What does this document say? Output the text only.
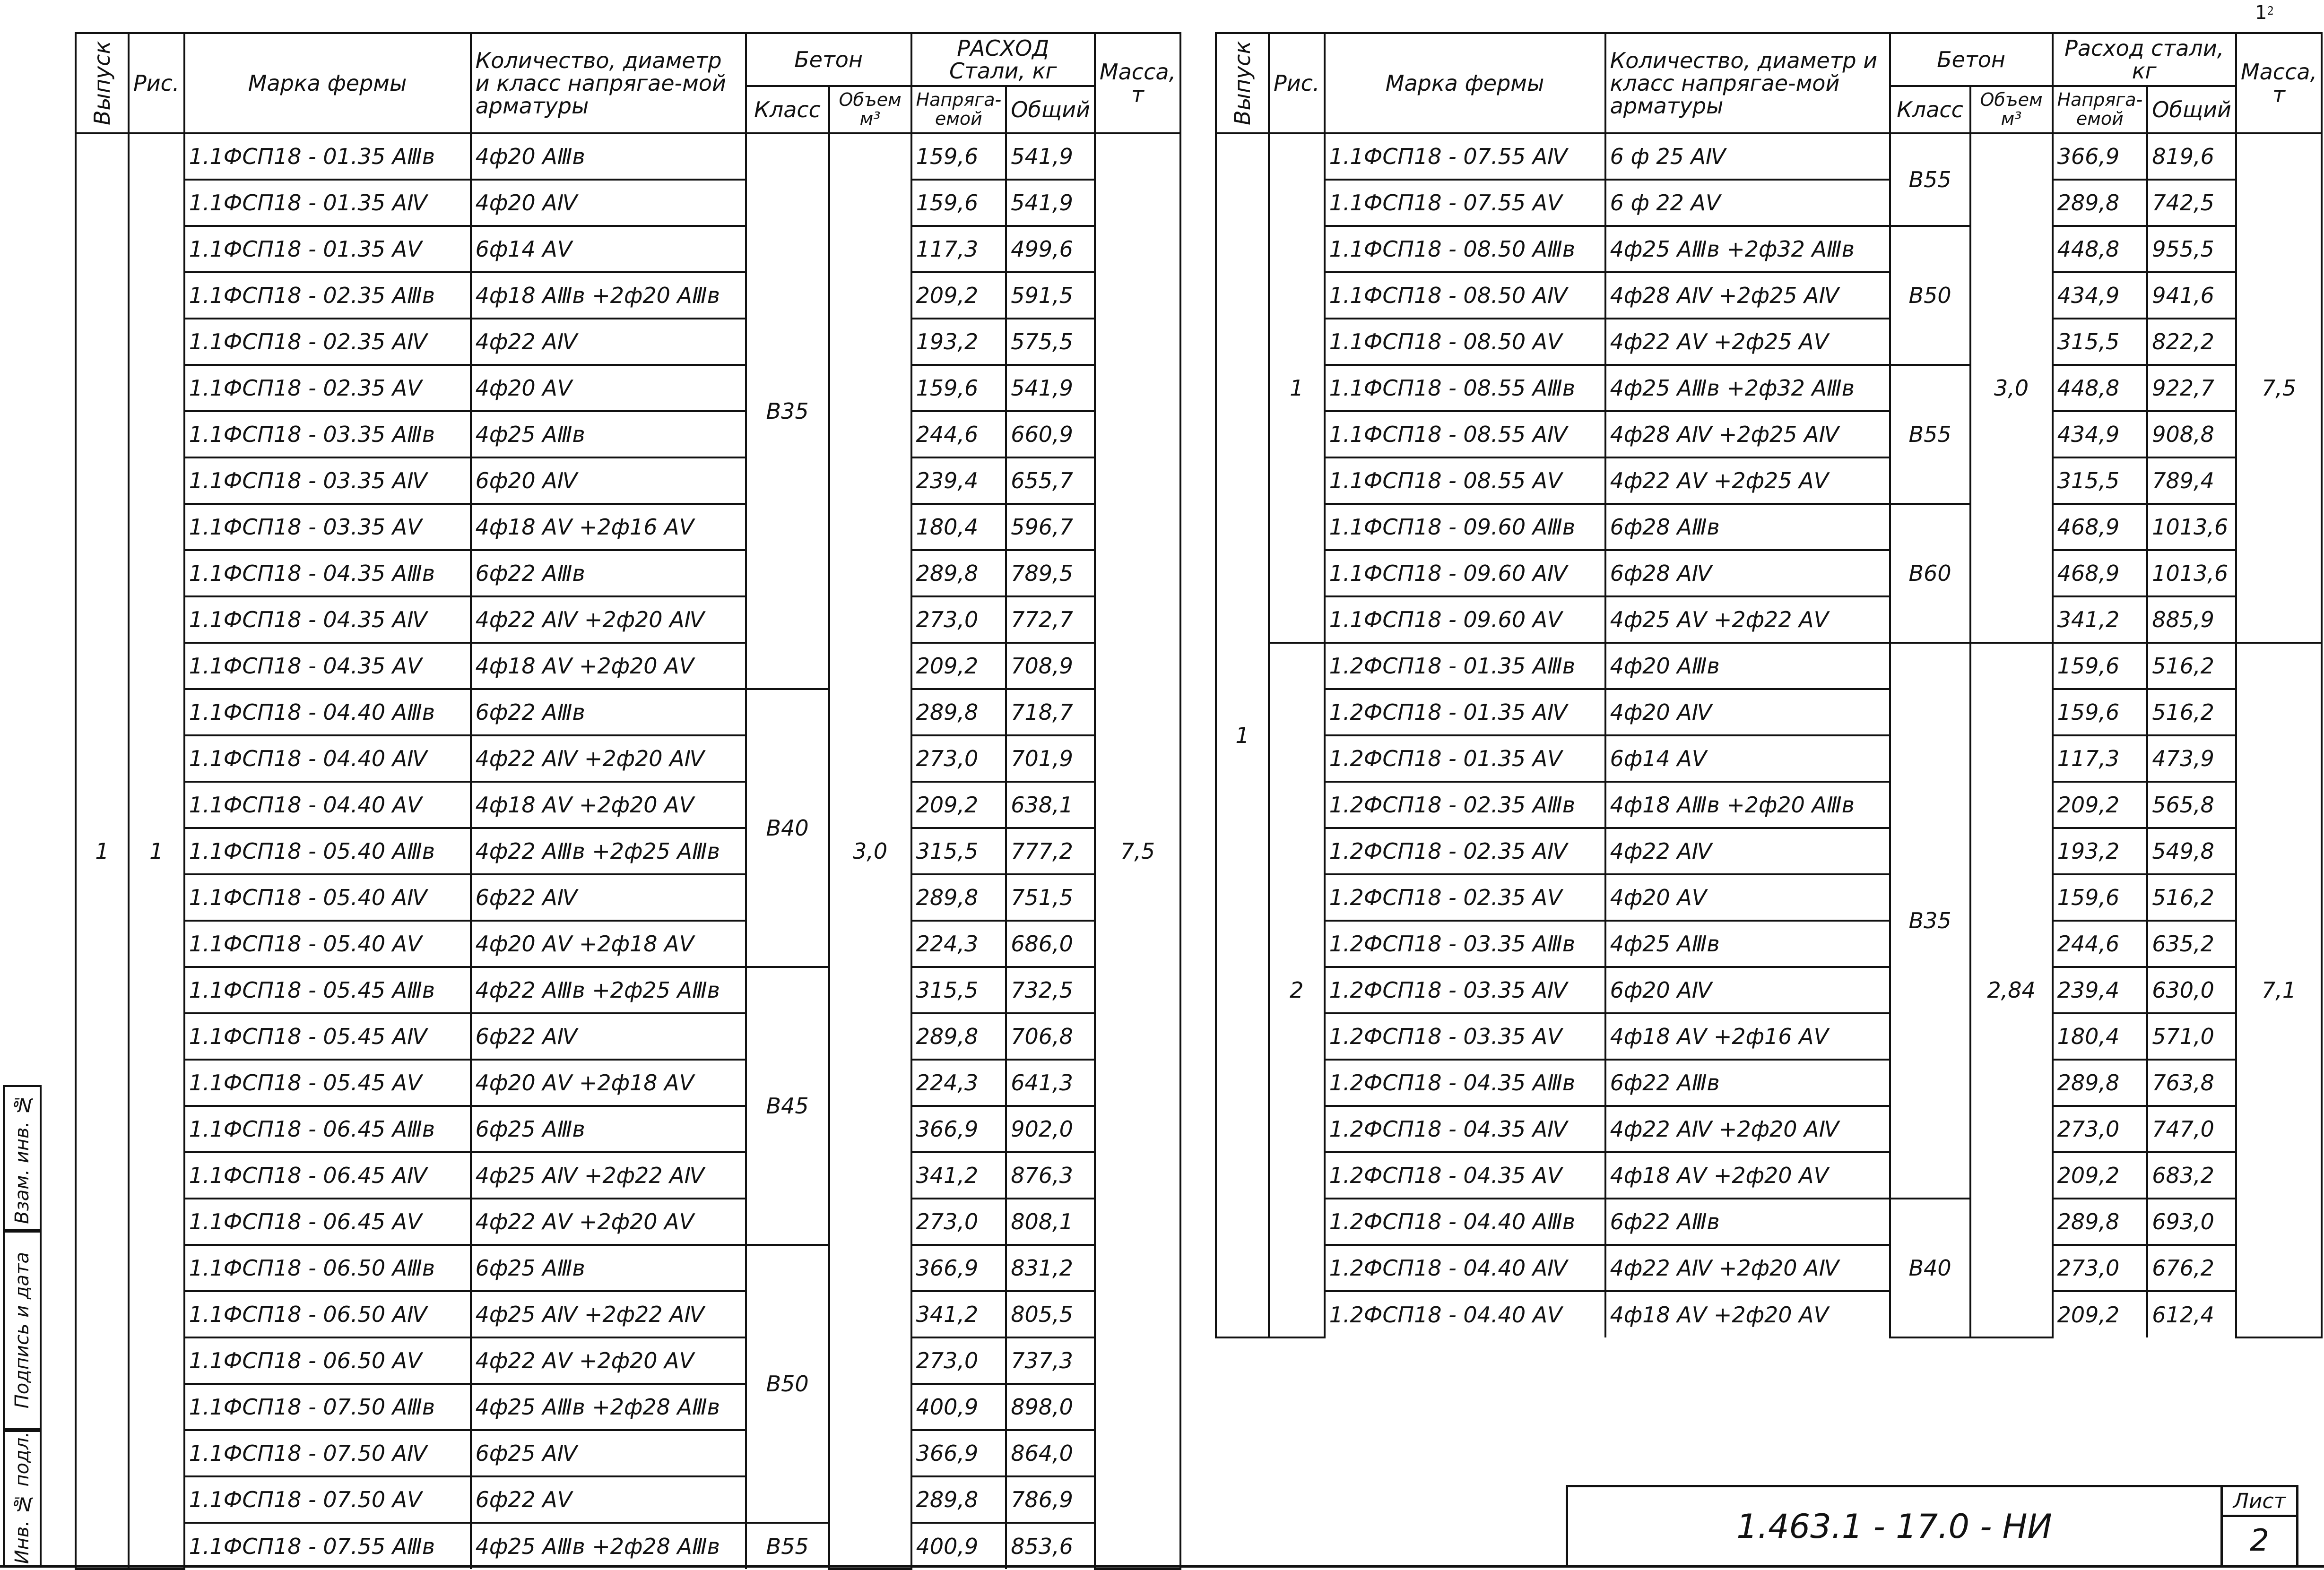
1⁲
Выпуск	Рис.	Марка фермы	Количество, диаметр и класс напрягае-мой арматуры	Бетон		РАСХОД Стали, кг		Масса, т
				Класс	Объем м³	Напряга-емой	Общий	
1	1	1.1ФСП18 - 01.35 АⅢв	4ф20 АⅢв	В35	3,0	159,6	541,9	7,5
		1.1ФСП18 - 01.35 АⅣ	4ф20 АⅣ			159,6	541,9	
		1.1ФСП18 - 01.35 АⅤ	6ф14 АⅤ			117,3	499,6	
		1.1ФСП18 - 02.35 АⅢв	4ф18 АⅢв +2ф20 АⅢв			209,2	591,5	
		1.1ФСП18 - 02.35 АⅣ	4ф22 АⅣ			193,2	575,5	
		1.1ФСП18 - 02.35 АⅤ	4ф20 АⅤ			159,6	541,9	
		1.1ФСП18 - 03.35 АⅢв	4ф25 АⅢв			244,6	660,9	
		1.1ФСП18 - 03.35 АⅣ	6ф20 АⅣ			239,4	655,7	
		1.1ФСП18 - 03.35 АⅤ	4ф18 АⅤ +2ф16 АⅤ			180,4	596,7	
		1.1ФСП18 - 04.35 АⅢв	6ф22 АⅢв			289,8	789,5	
		1.1ФСП18 - 04.35 АⅣ	4ф22 АⅣ +2ф20 АⅣ			273,0	772,7	
		1.1ФСП18 - 04.35 АⅤ	4ф18 АⅤ +2ф20 АⅤ			209,2	708,9	
		1.1ФСП18 - 04.40 АⅢв	6ф22 АⅢв	В40		289,8	718,7	
		1.1ФСП18 - 04.40 АⅣ	4ф22 АⅣ +2ф20 АⅣ			273,0	701,9	
		1.1ФСП18 - 04.40 АⅤ	4ф18 АⅤ +2ф20 АⅤ			209,2	638,1	
		1.1ФСП18 - 05.40 АⅢв	4ф22 АⅢв +2ф25 АⅢв			315,5	777,2	
		1.1ФСП18 - 05.40 АⅣ	6ф22 АⅣ			289,8	751,5	
		1.1ФСП18 - 05.40 АⅤ	4ф20 АⅤ +2ф18 АⅤ			224,3	686,0	
		1.1ФСП18 - 05.45 АⅢв	4ф22 АⅢв +2ф25 АⅢв	В45		315,5	732,5	
		1.1ФСП18 - 05.45 АⅣ	6ф22 АⅣ			289,8	706,8	
		1.1ФСП18 - 05.45 АⅤ	4ф20 АⅤ +2ф18 АⅤ			224,3	641,3	
		1.1ФСП18 - 06.45 АⅢв	6ф25 АⅢв			366,9	902,0	
		1.1ФСП18 - 06.45 АⅣ	4ф25 АⅣ +2ф22 АⅣ			341,2	876,3	
		1.1ФСП18 - 06.45 АⅤ	4ф22 АⅤ +2ф20 АⅤ			273,0	808,1	
		1.1ФСП18 - 06.50 АⅢв	6ф25 АⅢв	В50		366,9	831,2	
		1.1ФСП18 - 06.50 АⅣ	4ф25 АⅣ +2ф22 АⅣ			341,2	805,5	
		1.1ФСП18 - 06.50 АⅤ	4ф22 АⅤ +2ф20 АⅤ			273,0	737,3	
		1.1ФСП18 - 07.50 АⅢв	4ф25 АⅢв +2ф28 АⅢв			400,9	898,0	
		1.1ФСП18 - 07.50 АⅣ	6ф25 АⅣ			366,9	864,0	
		1.1ФСП18 - 07.50 АⅤ	6ф22 АⅤ			289,8	786,9	
		1.1ФСП18 - 07.55 АⅢв	4ф25 АⅢв +2ф28 АⅢв	В55		400,9	853,6	
Выпуск	Рис.	Марка фермы	Количество, диаметр и класс напрягае-мой арматуры	Бетон		Расход стали, кг		Масса, т
				Класс	Объем м³	Напряга-емой	Общий	
1	1	1.1ФСП18 - 07.55 АⅣ	6 ф 25 АⅣ	В55	3,0	366,9	819,6	7,5
		1.1ФСП18 - 07.55 АⅤ	6 ф 22 АⅤ			289,8	742,5	
		1.1ФСП18 - 08.50 АⅢв	4ф25 АⅢв +2ф32 АⅢв	В50		448,8	955,5	
		1.1ФСП18 - 08.50 АⅣ	4ф28 АⅣ +2ф25 АⅣ			434,9	941,6	
		1.1ФСП18 - 08.50 АⅤ	4ф22 АⅤ +2ф25 АⅤ			315,5	822,2	
		1.1ФСП18 - 08.55 АⅢв	4ф25 АⅢв +2ф32 АⅢв	В55		448,8	922,7	
		1.1ФСП18 - 08.55 АⅣ	4ф28 АⅣ +2ф25 АⅣ			434,9	908,8	
		1.1ФСП18 - 08.55 АⅤ	4ф22 АⅤ +2ф25 АⅤ			315,5	789,4	
		1.1ФСП18 - 09.60 АⅢв	6ф28 АⅢв	В60		468,9	1013,6	
		1.1ФСП18 - 09.60 АⅣ	6ф28 АⅣ			468,9	1013,6	
		1.1ФСП18 - 09.60 АⅤ	4ф25 АⅤ +2ф22 АⅤ			341,2	885,9	
	2	1.2ФСП18 - 01.35 АⅢв	4ф20 АⅢв	В35	2,84	159,6	516,2	7,1
		1.2ФСП18 - 01.35 АⅣ	4ф20 АⅣ			159,6	516,2	
		1.2ФСП18 - 01.35 АⅤ	6ф14 АⅤ			117,3	473,9	
		1.2ФСП18 - 02.35 АⅢв	4ф18 АⅢв +2ф20 АⅢв			209,2	565,8	
		1.2ФСП18 - 02.35 АⅣ	4ф22 АⅣ			193,2	549,8	
		1.2ФСП18 - 02.35 АⅤ	4ф20 АⅤ			159,6	516,2	
		1.2ФСП18 - 03.35 АⅢв	4ф25 АⅢв			244,6	635,2	
		1.2ФСП18 - 03.35 АⅣ	6ф20 АⅣ			239,4	630,0	
		1.2ФСП18 - 03.35 АⅤ	4ф18 АⅤ +2ф16 АⅤ			180,4	571,0	
		1.2ФСП18 - 04.35 АⅢв	6ф22 АⅢв			289,8	763,8	
		1.2ФСП18 - 04.35 АⅣ	4ф22 АⅣ +2ф20 АⅣ			273,0	747,0	
		1.2ФСП18 - 04.35 АⅤ	4ф18 АⅤ +2ф20 АⅤ			209,2	683,2	
		1.2ФСП18 - 04.40 АⅢв	6ф22 АⅢв	В40		289,8	693,0	
		1.2ФСП18 - 04.40 АⅣ	4ф22 АⅣ +2ф20 АⅣ			273,0	676,2	
		1.2ФСП18 - 04.40 АⅤ	4ф18 АⅤ +2ф20 АⅤ			209,2	612,4	
Взам. инв. №
Подпись и дата
Инв. № подл.	1.463.1 - 17.0 - НИ
Лист
2
